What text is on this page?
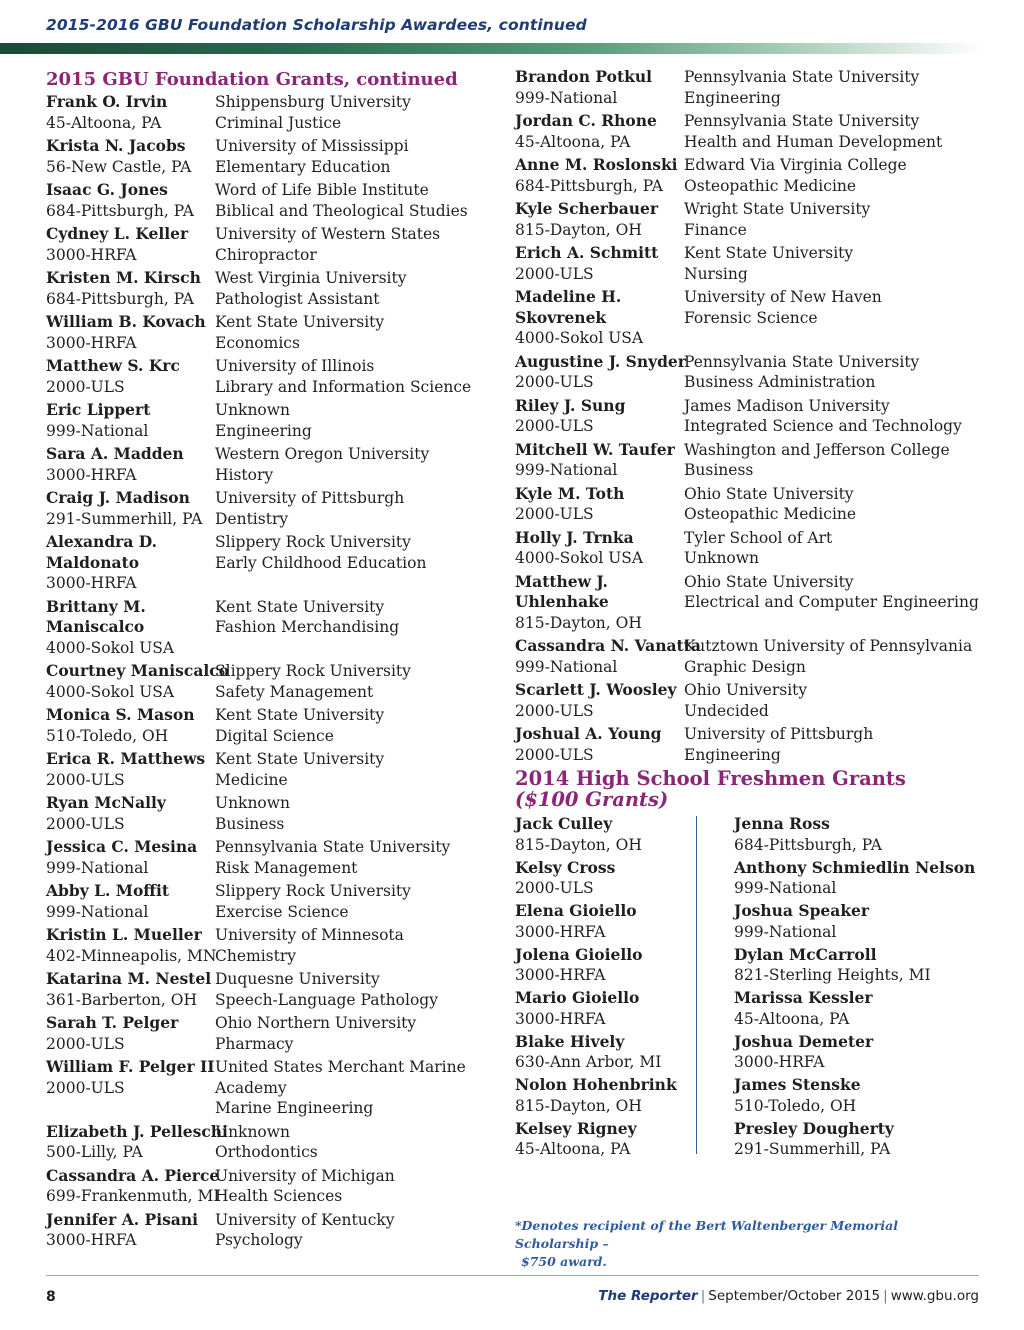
2015-2016 GBU Foundation Scholarship Awardees, continued
2015 GBU Foundation Grants, continued
Frank O. Irvin
45-Altoona, PA
Shippensburg University
Criminal Justice
Krista N. Jacobs
56-New Castle, PA
University of Mississippi
Elementary Education
Isaac G. Jones
684-Pittsburgh, PA
Word of Life Bible Institute
Biblical and Theological Studies
Cydney L. Keller
3000-HRFA
University of Western States
Chiropractor
Kristen M. Kirsch
684-Pittsburgh, PA
West Virginia University
Pathologist Assistant
William B. Kovach
3000-HRFA
Kent State University
Economics
Matthew S. Krc
2000-ULS
University of Illinois
Library and Information Science
Eric Lippert
999-National
Unknown
Engineering
Sara A. Madden
3000-HRFA
Western Oregon University
History
Craig J. Madison
291-Summerhill, PA
University of Pittsburgh
Dentistry
Alexandra D.
Maldonato
3000-HRFA
Slippery Rock University
Early Childhood Education
Brittany M.
Maniscalco
4000-Sokol USA
Kent State University
Fashion Merchandising
Courtney Maniscalco
4000-Sokol USA
Slippery Rock University
Safety Management
Monica S. Mason
510-Toledo, OH
Kent State University
Digital Science
Erica R. Matthews
2000-ULS
Kent State University
Medicine
Ryan McNally
2000-ULS
Unknown
Business
Jessica C. Mesina
999-National
Pennsylvania State University
Risk Management
Abby L. Moffit
999-National
Slippery Rock University
Exercise Science
Kristin L. Mueller
402-Minneapolis, MN
University of Minnesota
Chemistry
Katarina M. Nestel
361-Barberton, OH
Duquesne University
Speech-Language Pathology
Sarah T. Pelger
2000-ULS
Ohio Northern University
Pharmacy
William F. Pelger II
2000-ULS
United States Merchant Marine
Academy
Marine Engineering
Elizabeth J. Pelleschi
500-Lilly, PA
Unknown
Orthodontics
Cassandra A. Pierce
699-Frankenmuth, MI
University of Michigan
Health Sciences
Jennifer A. Pisani
3000-HRFA
University of Kentucky
Psychology
Brandon Potkul
999-National
Pennsylvania State University
Engineering
Jordan C. Rhone
45-Altoona, PA
Pennsylvania State University
Health and Human Development
Anne M. Roslonski
684-Pittsburgh, PA
Edward Via Virginia College
Osteopathic Medicine
Kyle Scherbauer
815-Dayton, OH
Wright State University
Finance
Erich A. Schmitt
2000-ULS
Kent State University
Nursing
Madeline H.
Skovrenek
4000-Sokol USA
University of New Haven
Forensic Science
Augustine J. Snyder
2000-ULS
Pennsylvania State University
Business Administration
Riley J. Sung
2000-ULS
James Madison University
Integrated Science and Technology
Mitchell W. Taufer
999-National
Washington and Jefferson College
Business
Kyle M. Toth
2000-ULS
Ohio State University
Osteopathic Medicine
Holly J. Trnka
4000-Sokol USA
Tyler School of Art
Unknown
Matthew J.
Uhlenhake
815-Dayton, OH
Ohio State University
Electrical and Computer Engineering
Cassandra N. Vanatta
999-National
Kutztown University of Pennsylvania
Graphic Design
Scarlett J. Woosley
2000-ULS
Ohio University
Undecided
Joshual A. Young
2000-ULS
University of Pittsburgh
Engineering
2014 High School Freshmen Grants
($100 Grants)
Jack Culley
815-Dayton, OH
Kelsy Cross
2000-ULS
Elena Gioiello
3000-HRFA
Jolena Gioiello
3000-HRFA
Mario Gioiello
3000-HRFA
Blake Hively
630-Ann Arbor, MI
Nolon Hohenbrink
815-Dayton, OH
Kelsey Rigney
45-Altoona, PA
Jenna Ross
684-Pittsburgh, PA
Anthony Schmiedlin Nelson
999-National
Joshua Speaker
999-National
Dylan McCarroll
821-Sterling Heights, MI
Marissa Kessler
45-Altoona, PA
Joshua Demeter
3000-HRFA
James Stenske
510-Toledo, OH
Presley Dougherty
291-Summerhill, PA
*Denotes recipient of the Bert Waltenberger Memorial Scholarship –
$750 award.
8	The Reporter | September/October 2015 | www.gbu.org
